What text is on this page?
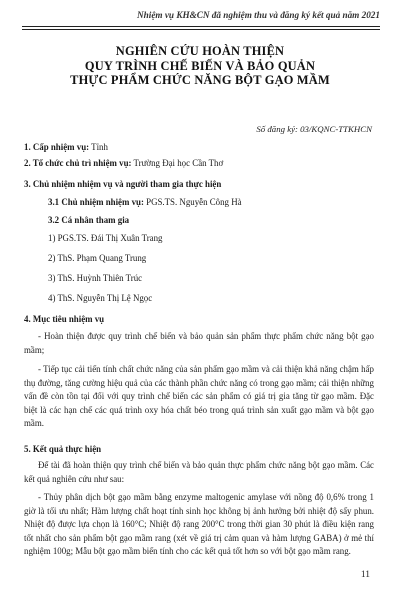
Nhiệm vụ KH&CN đã nghiệm thu và đăng ký kết quả năm 2021
NGHIÊN CỨU HOÀN THIỆN
QUY TRÌNH CHẾ BIẾN VÀ BẢO QUẢN
THỰC PHẨM CHỨC NĂNG BỘT GẠO MẦM
Số đăng ký: 03/KQNC-TTKHCN
1. Cấp nhiệm vụ: Tỉnh
2. Tổ chức chủ trì nhiệm vụ: Trường Đại học Cần Thơ
3. Chủ nhiệm nhiệm vụ và người tham gia thực hiện
3.1 Chủ nhiệm nhiệm vụ: PGS.TS. Nguyễn Công Hà
3.2 Cá nhân tham gia
1) PGS.TS. Đái Thị Xuân Trang
2) ThS. Phạm Quang Trung
3) ThS. Huỳnh Thiên Trúc
4) ThS. Nguyễn Thị Lệ Ngọc
4. Mục tiêu nhiệm vụ
- Hoàn thiện được quy trình chế biến và bảo quản sản phẩm thực phẩm chức năng bột gạo mầm;
- Tiếp tục cải tiến tính chất chức năng của sản phẩm gạo mầm và cải thiện khả năng chậm hấp thụ đường, tăng cường hiệu quả của các thành phần chức năng có trong gạo mầm; cải thiện những vấn đề còn tồn tại đối với quy trình chế biến các sản phẩm có giá trị gia tăng từ gạo mầm. Đặc biệt là các hạn chế các quá trình oxy hóa chất béo trong quá trình sản xuất gạo mầm và bột gạo mầm.
5. Kết quả thực hiện
Để tài đã hoàn thiện quy trình chế biến và bảo quản thực phẩm chức năng bột gạo mầm. Các kết quả nghiên cứu như sau:
- Thủy phân dịch bột gạo mầm bằng enzyme maltogenic amylase với nồng độ 0,6% trong 1 giờ là tối ưu nhất; Hàm lượng chất hoạt tính sinh học không bị ảnh hưởng bởi nhiệt độ sấy phun. Nhiệt độ được lựa chọn là 160°C; Nhiệt độ rang 200°C trong thời gian 30 phút là điều kiện rang tốt nhất cho sản phẩm bột gạo mầm rang (xét về giá trị cảm quan và hàm lượng GABA) ở mẻ thí nghiệm 100g; Mẫu bột gạo mầm biến tính cho các kết quả tốt hơn so với bột gạo mầm rang.
11
